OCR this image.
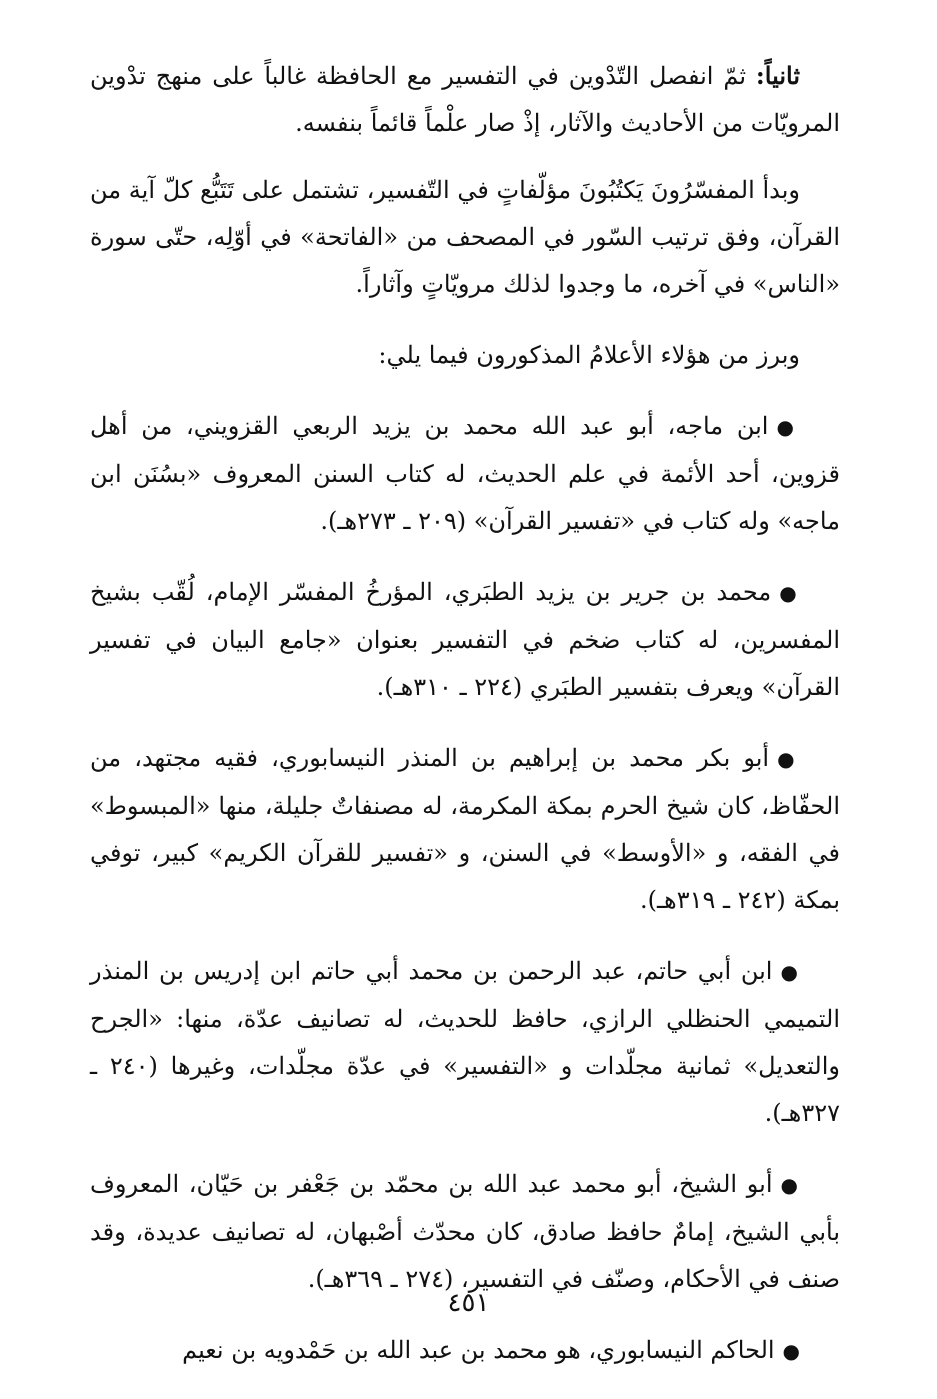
ثانياً: ثمّ انفصل التّدْوين في التفسير مع الحافظة غالباً على منهج تدْوين المرويّات من الأحاديث والآثار، إذْ صار علْماً قائماً بنفسه.

وبدأ المفسّرُونَ يَكتُبُونَ مؤلّفاتٍ في التّفسير، تشتمل على تَتَبُّع كلّ آية من القرآن، وفق ترتيب السّور في المصحف من «الفاتحة» في أوّلِه، حتّى سورة «الناس» في آخره، ما وجدوا لذلك مرويّاتٍ وآثاراً.

وبرز من هؤلاء الأعلامُ المذكورون فيما يلي:

●ابن ماجه، أبو عبد الله محمد بن يزيد الربعي القزويني، من أهل قزوين، أحد الأئمة في علم الحديث، له كتاب السنن المعروف «بسُنَن ابن ماجه» وله كتاب في «تفسير القرآن» (٢٠٩ ـ ٢٧٣هـ).

●محمد بن جرير بن يزيد الطبَري، المؤرخُ المفسّر الإمام، لُقّب بشيخ المفسرين، له كتاب ضخم في التفسير بعنوان «جامع البيان في تفسير القرآن» ويعرف بتفسير الطبَري (٢٢٤ ـ ٣١٠هـ).

●أبو بكر محمد بن إبراهيم بن المنذر النيسابوري، فقيه مجتهد، من الحفّاظ، كان شيخ الحرم بمكة المكرمة، له مصنفاتٌ جليلة، منها «المبسوط» في الفقه، و «الأوسط» في السنن، و «تفسير للقرآن الكريم» كبير، توفي بمكة (٢٤٢ ـ ٣١٩هـ).

●ابن أبي حاتم، عبد الرحمن بن محمد أبي حاتم ابن إدريس بن المنذر التميمي الحنظلي الرازي، حافظ للحديث، له تصانيف عدّة، منها: «الجرح والتعديل» ثمانية مجلّدات و «التفسير» في عدّة مجلّدات، وغيرها (٢٤٠ ـ ٣٢٧هـ).

●أبو الشيخ، أبو محمد عبد الله بن محمّد بن جَعْفر بن حَيّان، المعروف بأبي الشيخ، إمامٌ حافظ صادق، كان محدّث أصْبهان، له تصانيف عديدة، وقد صنف في الأحكام، وصنّف في التفسير، (٢٧٤ ـ ٣٦٩هـ).

●الحاكم النيسابوري، هو محمد بن عبد الله بن حَمْدويه بن نعيم

٤٥١
